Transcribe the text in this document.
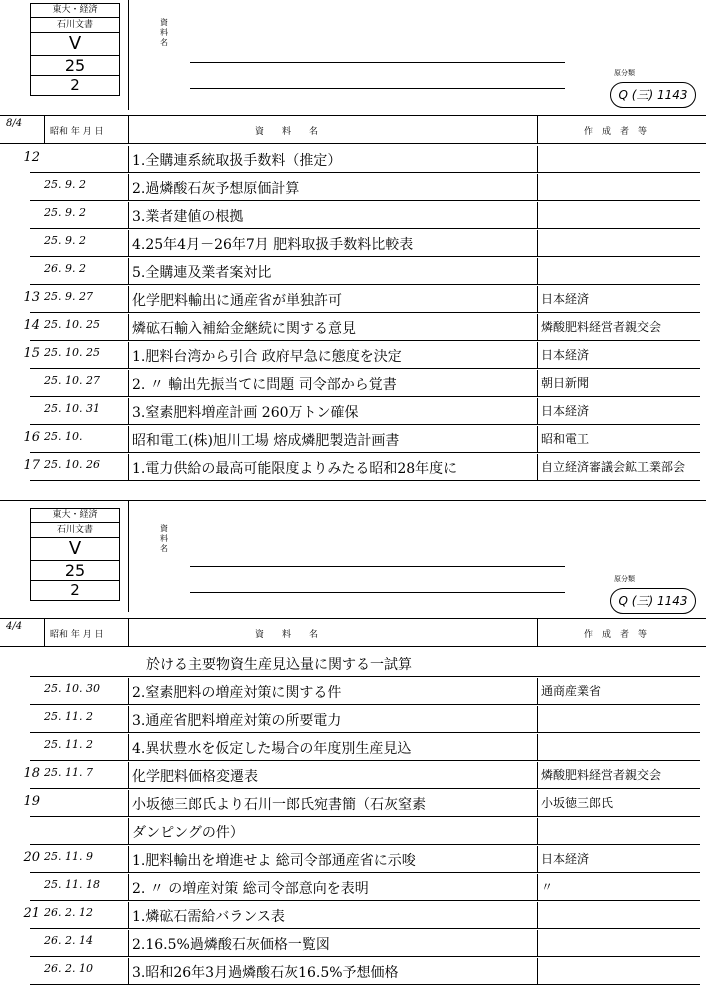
東大・経済
石川文書
V
25
2
資料名
原分類
Q (三) 1143
8/4
昭和 年 月 日	資　　料　　名	作　成　者　等
12	1.全購連系統取扱手数料（推定）
25. 9. 2	2.過燐酸石灰予想原価計算
25. 9. 2	3.業者建値の根拠
25. 9. 2	4.25年4月－26年7月 肥料取扱手数料比較表
26. 9. 2	5.全購連及業者案対比
13 25. 9. 27	化学肥料輸出に通産省が単独許可	日本経済
14 25. 10. 25	燐砿石輸入補給金継続に関する意見	燐酸肥料経営者親交会
15 25. 10. 25	1.肥料台湾から引合 政府早急に態度を決定	日本経済
25. 10. 27	2. 〃 輸出先振当てに問題 司令部から覚書	朝日新聞
25. 10. 31	3.窒素肥料増産計画 260万トン確保	日本経済
16 25. 10.	昭和電工(株)旭川工場 熔成燐肥製造計画書	昭和電工
17 25. 10. 26	1.電力供給の最高可能限度よりみたる昭和28年度に	自立経済審議会鉱工業部会
東大・経済
石川文書
V
25
2
資料名
原分類
Q (三) 1143
4/4
昭和 年 月 日	資　　料　　名	作　成　者　等
於ける主要物資生産見込量に関する一試算
25. 10. 30	2.窒素肥料の増産対策に関する件	通商産業省
25. 11. 2	3.通産省肥料増産対策の所要電力
25. 11. 2	4.異状豊水を仮定した場合の年度別生産見込
18 25. 11. 7	化学肥料価格変遷表	燐酸肥料経営者親交会
19	小坂徳三郎氏より石川一郎氏宛書簡（石灰窒素	小坂徳三郎氏
ダンピングの件）
20 25. 11. 9	1.肥料輸出を増進せよ 総司令部通産省に示唆	日本経済
25. 11. 18	2. 〃 の増産対策 総司令部意向を表明	〃
21 26. 2. 12	1.燐砿石需給バランス表
26. 2. 14	2.16.5%過燐酸石灰価格一覧図
26. 2. 10	3.昭和26年3月過燐酸石灰16.5%予想価格
